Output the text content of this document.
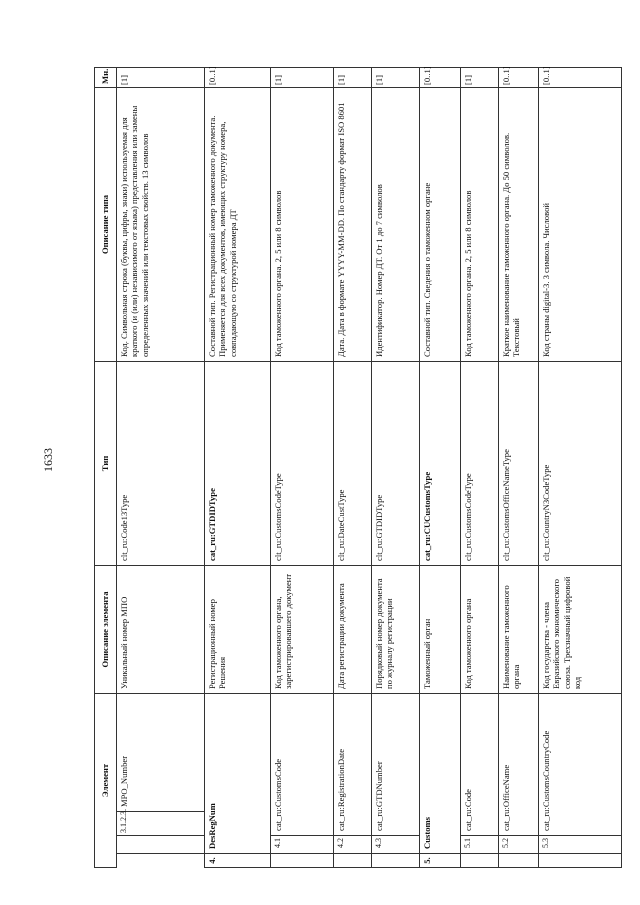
1633
Элемент				Описание элемента	Тип	Описание типа	Мн.
		3.1.2.3.	MPO_Number	Уникальный номер МПО	clt_ru:Code13Type	Код. Символьная строка (буквы, цифры, знаки) используемая для краткого (и (или) независимого от языка) представления или замены определенных значений или текстовых свойств. 13 символов	[1]
4.	DesRegNum			Регистрационный номер Решения	cat_ru:GTDIDType	Составной тип. Регистрационный номер таможенного документа. Применяется для всех документов, имеющих структуру номера, совпадающую со структурой номера ДТ	[0..1]
	4.1	cat_ru:CustomsCode		Код таможенного органа, зарегистрировавшего документ	clt_ru:CustomsCodeType	Код таможенного органа. 2, 5 или 8 символов	[1]
	4.2	cat_ru:RegistrationDate		Дата регистрации документа	clt_ru:DateCustType	Дата. Дата в формате YYYY-MM-DD. По стандарту формат ISO 8601	[1]
	4.3	cat_ru:GTDNumber		Порядковый номер документа по журналу регистрации	clt_ru:GTDIDType	Идентификатор. Номер ДТ. От 1 до 7 символов	[1]
5.	Customs			Таможенный орган	cat_ru:CUCustomsType	Составной тип. Сведения о таможенном органе	[0..1]
	5.1	cat_ru:Code		Код таможенного органа	clt_ru:CustomsCodeType	Код таможенного органа. 2, 5 или 8 символов	[1]
	5.2	cat_ru:OfficeName		Наименование таможенного органа	clt_ru:CustomsOfficeNameType	Краткое наименование таможенного органа. До 50 символов. Текстовый	[0..1]
	5.3	cat_ru:CustomsCountryCode		Код государства - члена Евразийского экономического союза. Трехзначный цифровой код	clt_ru:CountryN3CodeType	Код страны digital-3. 3 символа. Числовой	[0..1]
